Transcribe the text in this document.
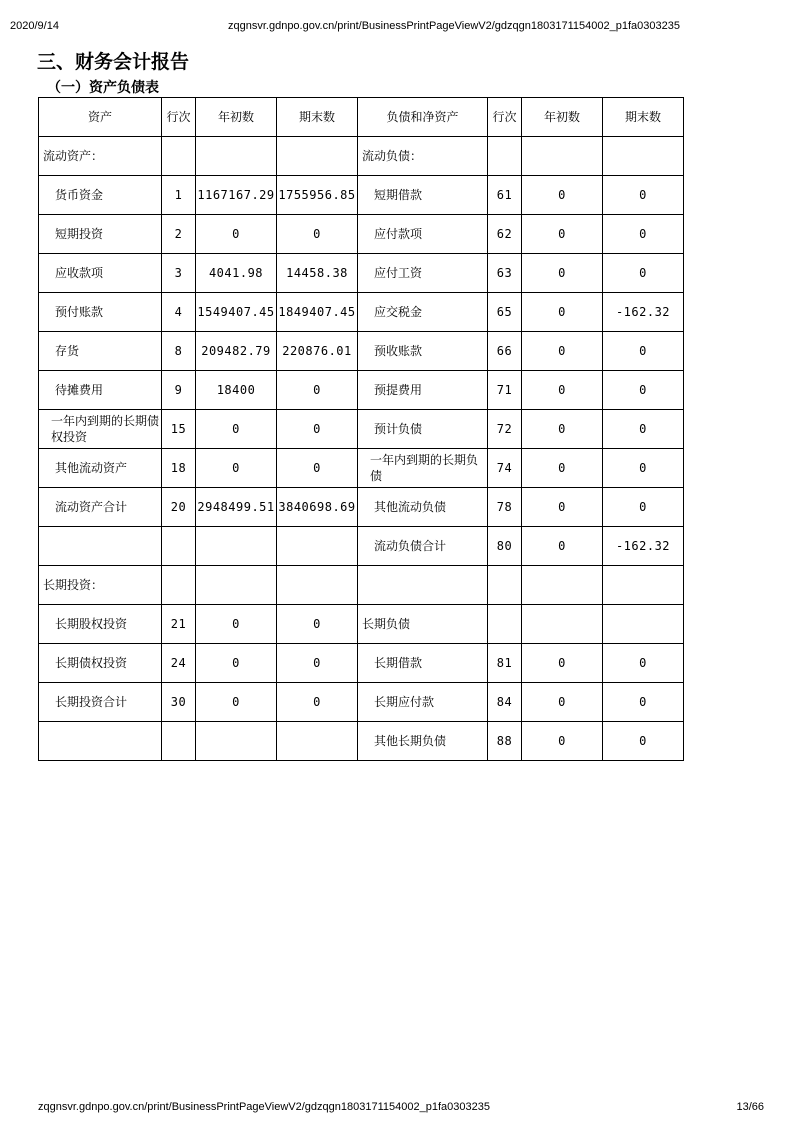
2020/9/14	zqgnsvr.gdnpo.gov.cn/print/BusinessPrintPageViewV2/gdzqgn1803171154002_p1fa0303235
三、财务会计报告
（一）资产负债表
资产	行次	年初数	期末数	负债和净资产	行次	年初数	期末数
流动资产：				流动负债：			
货币资金	1	1167167.29	1755956.85	短期借款	61	0	0
短期投资	2	0	0	应付款项	62	0	0
应收款项	3	4041.98	14458.38	应付工资	63	0	0
预付账款	4	1549407.45	1849407.45	应交税金	65	0	-162.32
存货	8	209482.79	220876.01	预收账款	66	0	0
待摊费用	9	18400	0	预提费用	71	0	0
一年内到期的长期债权投资	15	0	0	预计负债	72	0	0
其他流动资产	18	0	0	一年内到期的长期负债	74	0	0
流动资产合计	20	2948499.51	3840698.69	其他流动负债	78	0	0
				流动负债合计	80	0	-162.32
长期投资：							
长期股权投资	21	0	0	长期负债			
长期债权投资	24	0	0	长期借款	81	0	0
长期投资合计	30	0	0	长期应付款	84	0	0
				其他长期负债	88	0	0
zqgnsvr.gdnpo.gov.cn/print/BusinessPrintPageViewV2/gdzqgn1803171154002_p1fa0303235	13/66
